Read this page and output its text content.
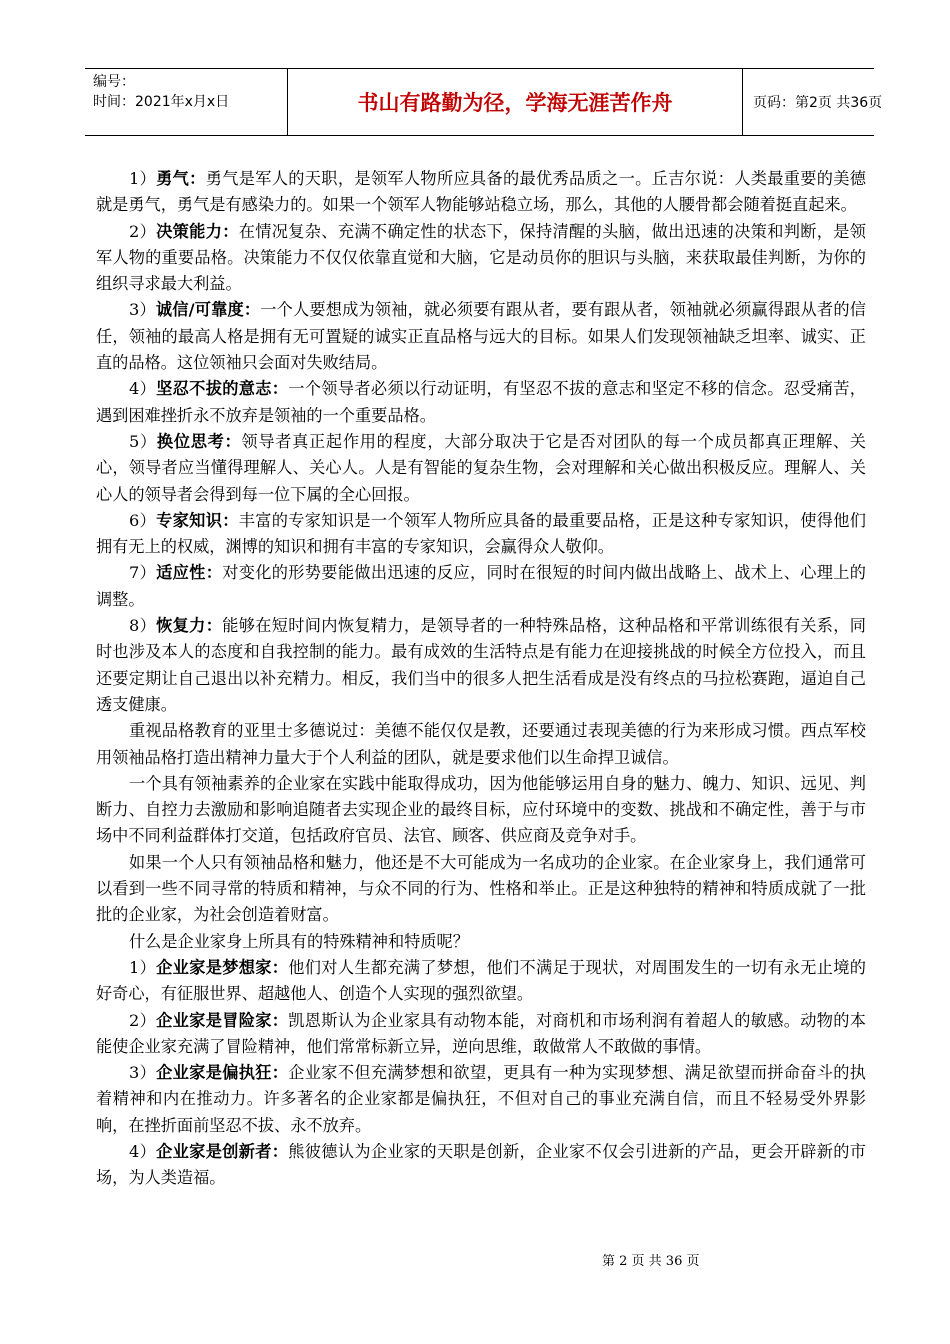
编号：
时间：2021年x月x日	书山有路勤为径，学海无涯苦作舟	页码：第2页 共36页

1）勇气：勇气是军人的天职，是领军人物所应具备的最优秀品质之一。丘吉尔说：人类最重要的美德就是勇气，勇气是有感染力的。如果一个领军人物能够站稳立场，那么，其他的人腰骨都会随着挺直起来。

2）决策能力：在情况复杂、充满不确定性的状态下，保持清醒的头脑，做出迅速的决策和判断，是领军人物的重要品格。决策能力不仅仅依靠直觉和大脑，它是动员你的胆识与头脑，来获取最佳判断，为你的组织寻求最大利益。

3）诚信/可靠度：一个人要想成为领袖，就必须要有跟从者，要有跟从者，领袖就必须赢得跟从者的信任，领袖的最高人格是拥有无可置疑的诚实正直品格与远大的目标。如果人们发现领袖缺乏坦率、诚实、正直的品格。这位领袖只会面对失败结局。

4）坚忍不拔的意志：一个领导者必须以行动证明，有坚忍不拔的意志和坚定不移的信念。忍受痛苦，遇到困难挫折永不放弃是领袖的一个重要品格。

5）换位思考：领导者真正起作用的程度，大部分取决于它是否对团队的每一个成员都真正理解、关心，领导者应当懂得理解人、关心人。人是有智能的复杂生物，会对理解和关心做出积极反应。理解人、关心人的领导者会得到每一位下属的全心回报。

6）专家知识：丰富的专家知识是一个领军人物所应具备的最重要品格，正是这种专家知识，使得他们拥有无上的权威，渊博的知识和拥有丰富的专家知识，会赢得众人敬仰。

7）适应性：对变化的形势要能做出迅速的反应，同时在很短的时间内做出战略上、战术上、心理上的调整。

8）恢复力：能够在短时间内恢复精力，是领导者的一种特殊品格，这种品格和平常训练很有关系，同时也涉及本人的态度和自我控制的能力。最有成效的生活特点是有能力在迎接挑战的时候全方位投入，而且还要定期让自己退出以补充精力。相反，我们当中的很多人把生活看成是没有终点的马拉松赛跑，逼迫自己透支健康。

重视品格教育的亚里士多德说过：美德不能仅仅是教，还要通过表现美德的行为来形成习惯。西点军校用领袖品格打造出精神力量大于个人利益的团队，就是要求他们以生命捍卫诚信。

一个具有领袖素养的企业家在实践中能取得成功，因为他能够运用自身的魅力、魄力、知识、远见、判断力、自控力去激励和影响追随者去实现企业的最终目标，应付环境中的变数、挑战和不确定性，善于与市场中不同利益群体打交道，包括政府官员、法官、顾客、供应商及竞争对手。

如果一个人只有领袖品格和魅力，他还是不大可能成为一名成功的企业家。在企业家身上，我们通常可以看到一些不同寻常的特质和精神，与众不同的行为、性格和举止。正是这种独特的精神和特质成就了一批批的企业家，为社会创造着财富。

什么是企业家身上所具有的特殊精神和特质呢？

1）企业家是梦想家：他们对人生都充满了梦想，他们不满足于现状，对周围发生的一切有永无止境的好奇心，有征服世界、超越他人、创造个人实现的强烈欲望。

2）企业家是冒险家：凯恩斯认为企业家具有动物本能，对商机和市场利润有着超人的敏感。动物的本能使企业家充满了冒险精神，他们常常标新立异，逆向思维，敢做常人不敢做的事情。

3）企业家是偏执狂：企业家不但充满梦想和欲望，更具有一种为实现梦想、满足欲望而拼命奋斗的执着精神和内在推动力。许多著名的企业家都是偏执狂，不但对自己的事业充满自信，而且不轻易受外界影响，在挫折面前坚忍不拔、永不放弃。

4）企业家是创新者：熊彼德认为企业家的天职是创新，企业家不仅会引进新的产品，更会开辟新的市场，为人类造福。

第 2 页 共 36 页
